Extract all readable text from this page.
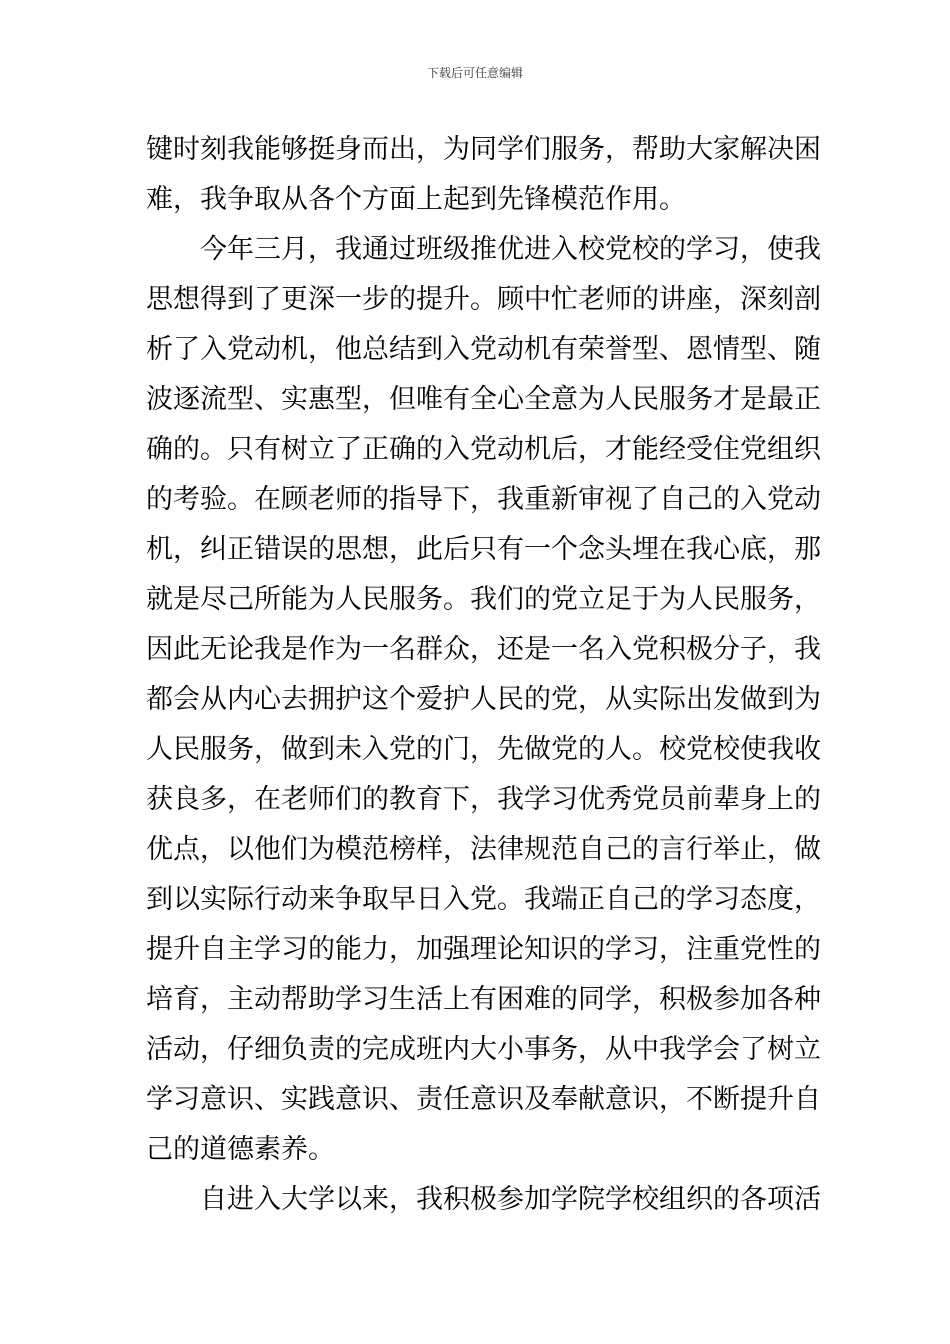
下载后可任意编辑
键时刻我能够挺身而出，为同学们服务，帮助大家解决困
难，我争取从各个方面上起到先锋模范作用。
今年三月，我通过班级推优进入校党校的学习，使我
思想得到了更深一步的提升。顾中忙老师的讲座，深刻剖
析了入党动机，他总结到入党动机有荣誉型、恩情型、随
波逐流型、实惠型，但唯有全心全意为人民服务才是最正
确的。只有树立了正确的入党动机后，才能经受住党组织
的考验。在顾老师的指导下，我重新审视了自己的入党动
机，纠正错误的思想，此后只有一个念头埋在我心底，那
就是尽己所能为人民服务。我们的党立足于为人民服务，
因此无论我是作为一名群众，还是一名入党积极分子，我
都会从内心去拥护这个爱护人民的党，从实际出发做到为
人民服务，做到未入党的门，先做党的人。校党校使我收
获良多，在老师们的教育下，我学习优秀党员前辈身上的
优点，以他们为模范榜样，法律规范自己的言行举止，做
到以实际行动来争取早日入党。我端正自己的学习态度，
提升自主学习的能力，加强理论知识的学习，注重党性的
培育，主动帮助学习生活上有困难的同学，积极参加各种
活动，仔细负责的完成班内大小事务，从中我学会了树立
学习意识、实践意识、责任意识及奉献意识，不断提升自
己的道德素养。
自进入大学以来，我积极参加学院学校组织的各项活
